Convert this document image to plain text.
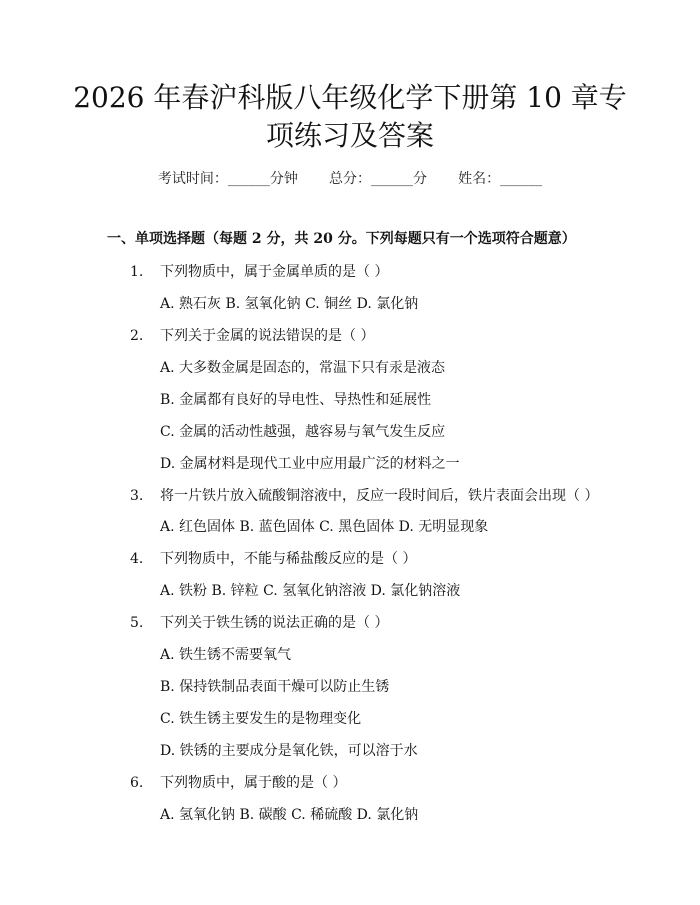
2026 年春沪科版八年级化学下册第 10 章专
项练习及答案
考试时间：______分钟 总分：______分 姓名：______
一、单项选择题（每题 2 分，共 20 分。下列每题只有一个选项符合题意）
1. 下列物质中，属于金属单质的是（ ）
A. 熟石灰 B. 氢氧化钠 C. 铜丝 D. 氯化钠
2. 下列关于金属的说法错误的是（ ）
A. 大多数金属是固态的，常温下只有汞是液态
B. 金属都有良好的导电性、导热性和延展性
C. 金属的活动性越强，越容易与氧气发生反应
D. 金属材料是现代工业中应用最广泛的材料之一
3. 将一片铁片放入硫酸铜溶液中，反应一段时间后，铁片表面会出现（ ）
A. 红色固体 B. 蓝色固体 C. 黑色固体 D. 无明显现象
4. 下列物质中，不能与稀盐酸反应的是（ ）
A. 铁粉 B. 锌粒 C. 氢氧化钠溶液 D. 氯化钠溶液
5. 下列关于铁生锈的说法正确的是（ ）
A. 铁生锈不需要氧气
B. 保持铁制品表面干燥可以防止生锈
C. 铁生锈主要发生的是物理变化
D. 铁锈的主要成分是氧化铁，可以溶于水
6. 下列物质中，属于酸的是（ ）
A. 氢氧化钠 B. 碳酸 C. 稀硫酸 D. 氯化钠
